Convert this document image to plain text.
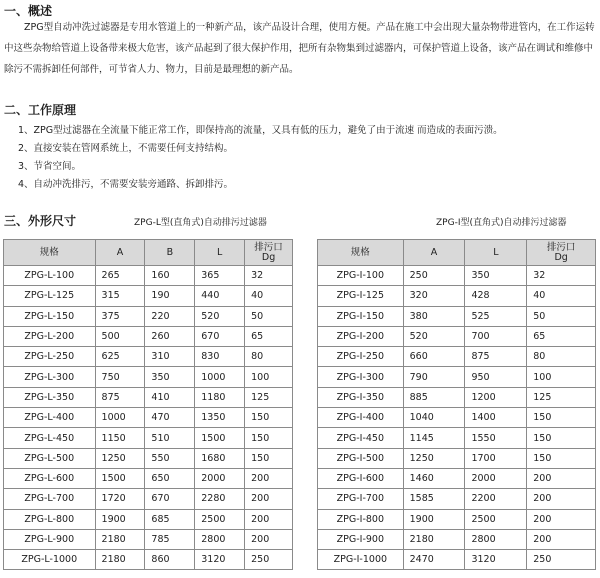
一、概述

ZPG型自动冲洗过滤器是专用水管道上的一种新产品，该产品设计合理，使用方便。产品在施工中会出现大量杂物带进管内，在工作运转中这些杂物给管道上设备带来极大危害，该产品起到了很大保护作用，把所有杂物集到过滤器内，可保护管道上设备，该产品在调试和维修中除污不需拆卸任何部件，可节省人力、物力，目前是最理想的新产品。

二、工作原理
1、ZPG型过滤器在全流量下能正常工作，即保持高的流量，又具有低的压力，避免了由于流速 而造成的表面污溃。
2、直接安装在管网系统上，不需要任何支持结构。
3、节省空间。
4、自动冲洗排污，不需要安装旁通路、拆卸排污。
三、外形尺寸	ZPG-L型(直角式)自动排污过滤器	ZPG-I型(直角式)自动排污过滤器
规格	A	B	L	排污口
Dg
ZPG-L-100	265	160	365	32
ZPG-L-125	315	190	440	40
ZPG-L-150	375	220	520	50
ZPG-L-200	500	260	670	65
ZPG-L-250	625	310	830	80
ZPG-L-300	750	350	1000	100
ZPG-L-350	875	410	1180	125
ZPG-L-400	1000	470	1350	150
ZPG-L-450	1150	510	1500	150
ZPG-L-500	1250	550	1680	150
ZPG-L-600	1500	650	2000	200
ZPG-L-700	1720	670	2280	200
ZPG-L-800	1900	685	2500	200
ZPG-L-900	2180	785	2800	200
ZPG-L-1000	2180	860	3120	250
规格	A	L	排污口
Dg
ZPG-I-100	250	350	32
ZPG-I-125	320	428	40
ZPG-I-150	380	525	50
ZPG-I-200	520	700	65
ZPG-I-250	660	875	80
ZPG-I-300	790	950	100
ZPG-I-350	885	1200	125
ZPG-I-400	1040	1400	150
ZPG-I-450	1145	1550	150
ZPG-I-500	1250	1700	150
ZPG-I-600	1460	2000	200
ZPG-I-700	1585	2200	200
ZPG-I-800	1900	2500	200
ZPG-I-900	2180	2800	200
ZPG-I-1000	2470	3120	250
